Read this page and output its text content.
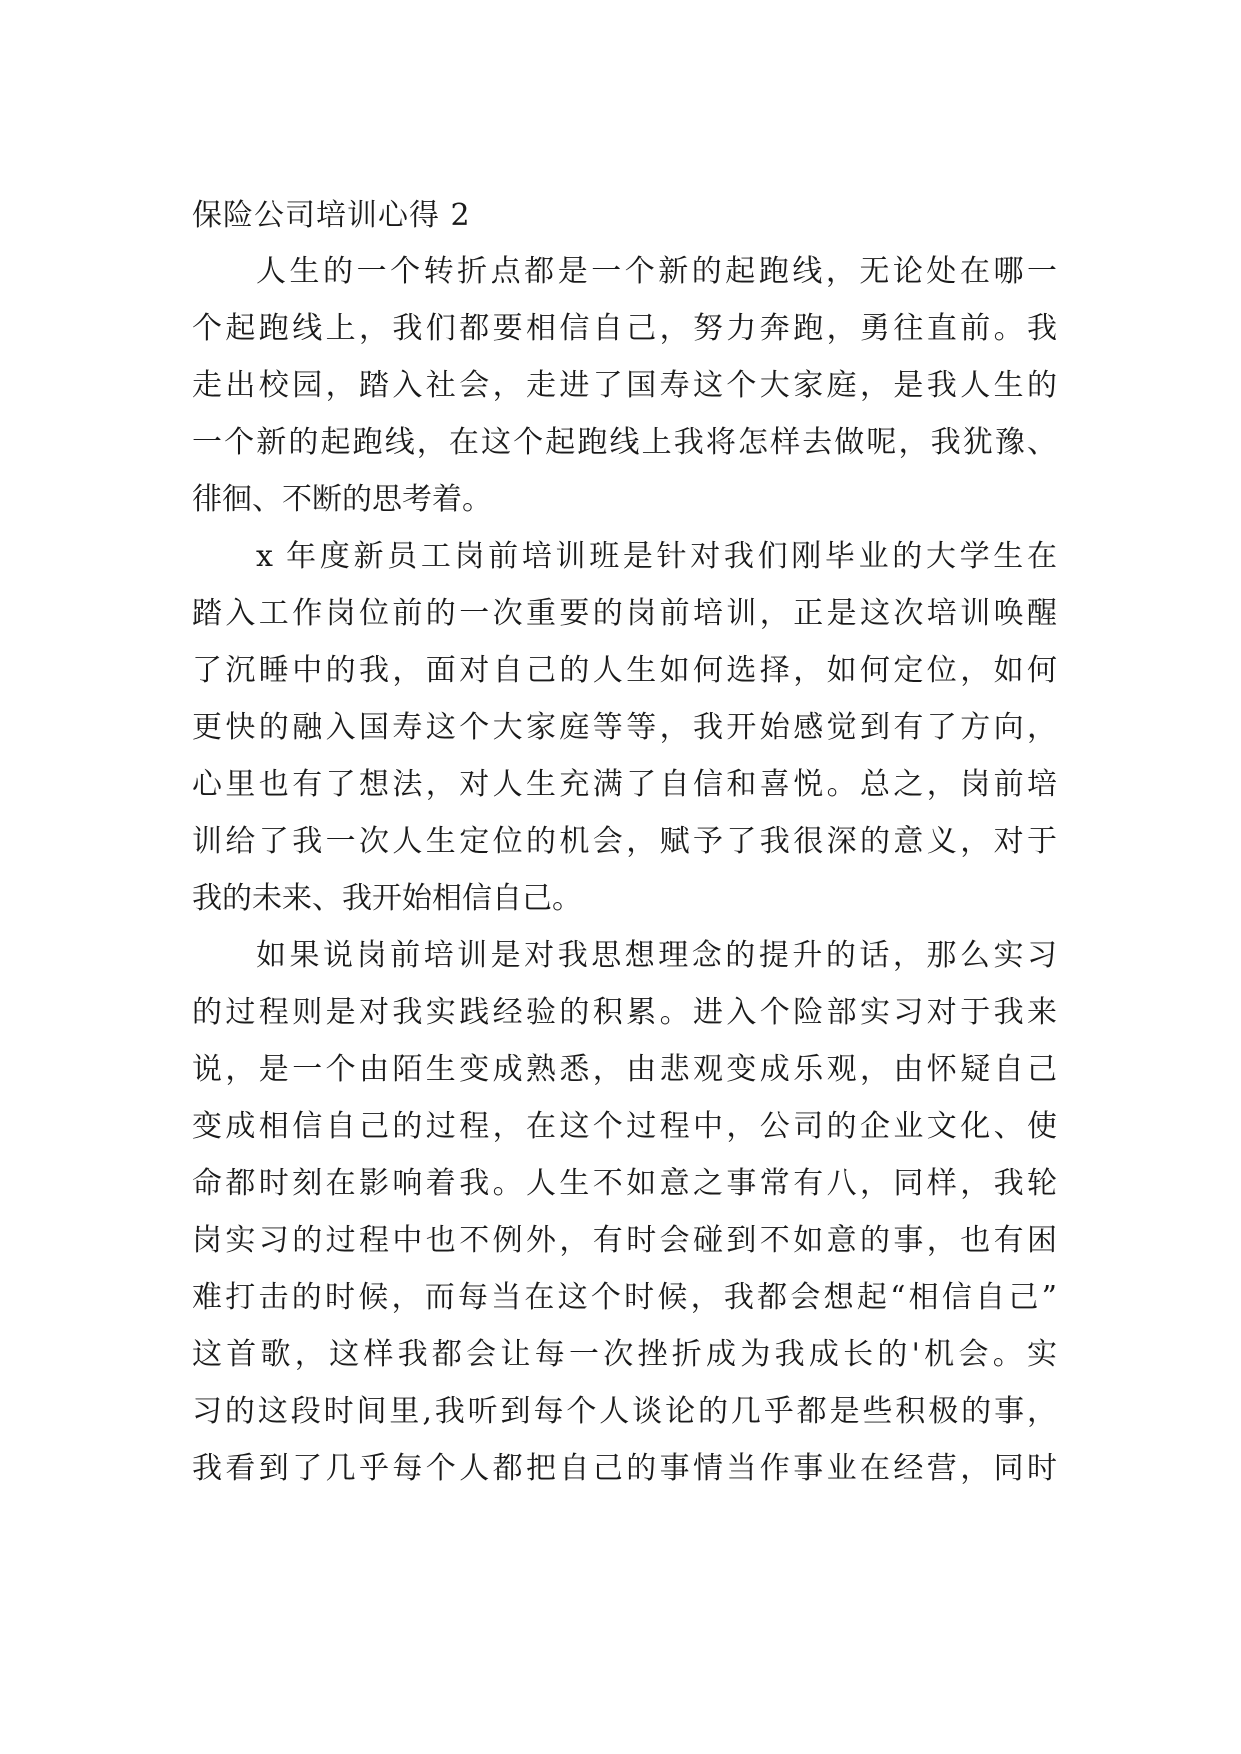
保险公司培训心得 2

人生的一个转折点都是一个新的起跑线，无论处在哪一

个起跑线上，我们都要相信自己，努力奔跑，勇往直前。我

走出校园，踏入社会，走进了国寿这个大家庭，是我人生的

一个新的起跑线，在这个起跑线上我将怎样去做呢，我犹豫、

徘徊、不断的思考着。

x 年度新员工岗前培训班是针对我们刚毕业的大学生在

踏入工作岗位前的一次重要的岗前培训，正是这次培训唤醒

了沉睡中的我，面对自己的人生如何选择，如何定位，如何

更快的融入国寿这个大家庭等等，我开始感觉到有了方向，

心里也有了想法，对人生充满了自信和喜悦。总之，岗前培

训给了我一次人生定位的机会，赋予了我很深的意义，对于

我的未来、我开始相信自己。

如果说岗前培训是对我思想理念的提升的话，那么实习

的过程则是对我实践经验的积累。进入个险部实习对于我来

说，是一个由陌生变成熟悉，由悲观变成乐观，由怀疑自己

变成相信自己的过程，在这个过程中，公司的企业文化、使

命都时刻在影响着我。人生不如意之事常有八，同样，我轮

岗实习的过程中也不例外，有时会碰到不如意的事，也有困

难打击的时候，而每当在这个时候，我都会想起“相信自己”

这首歌，这样我都会让每一次挫折成为我成长的'机会。实

习的这段时间里,我听到每个人谈论的几乎都是些积极的事，

我看到了几乎每个人都把自己的事情当作事业在经营，同时
